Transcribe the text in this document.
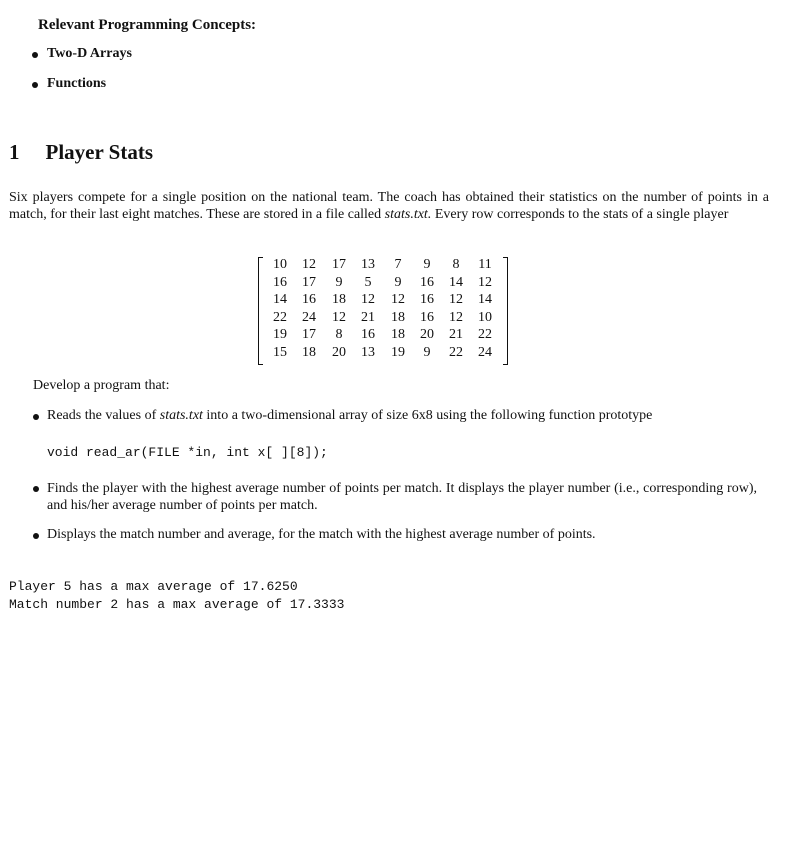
Relevant Programming Concepts:
Two-D Arrays
Functions
1 Player Stats
Six players compete for a single position on the national team. The coach has obtained their statistics on the number of points in a match, for their last eight matches. These are stored in a file called stats.txt. Every row corresponds to the stats of a single player
10	12	17	13	7	9	8	11
16	17	9	5	9	16	14	12
14	16	18	12	12	16	12	14
22	24	12	21	18	16	12	10
19	17	8	16	18	20	21	22
15	18	20	13	19	9	22	24
Develop a program that:
Reads the values of stats.txt into a two-dimensional array of size 6x8 using the following function prototype
void read_ar(FILE *in, int x[ ][8]);
Finds the player with the highest average number of points per match. It displays the player number (i.e., corresponding row), and his/her average number of points per match.
Displays the match number and average, for the match with the highest average number of points.
Player 5 has a max average of 17.6250
Match number 2 has a max average of 17.3333
